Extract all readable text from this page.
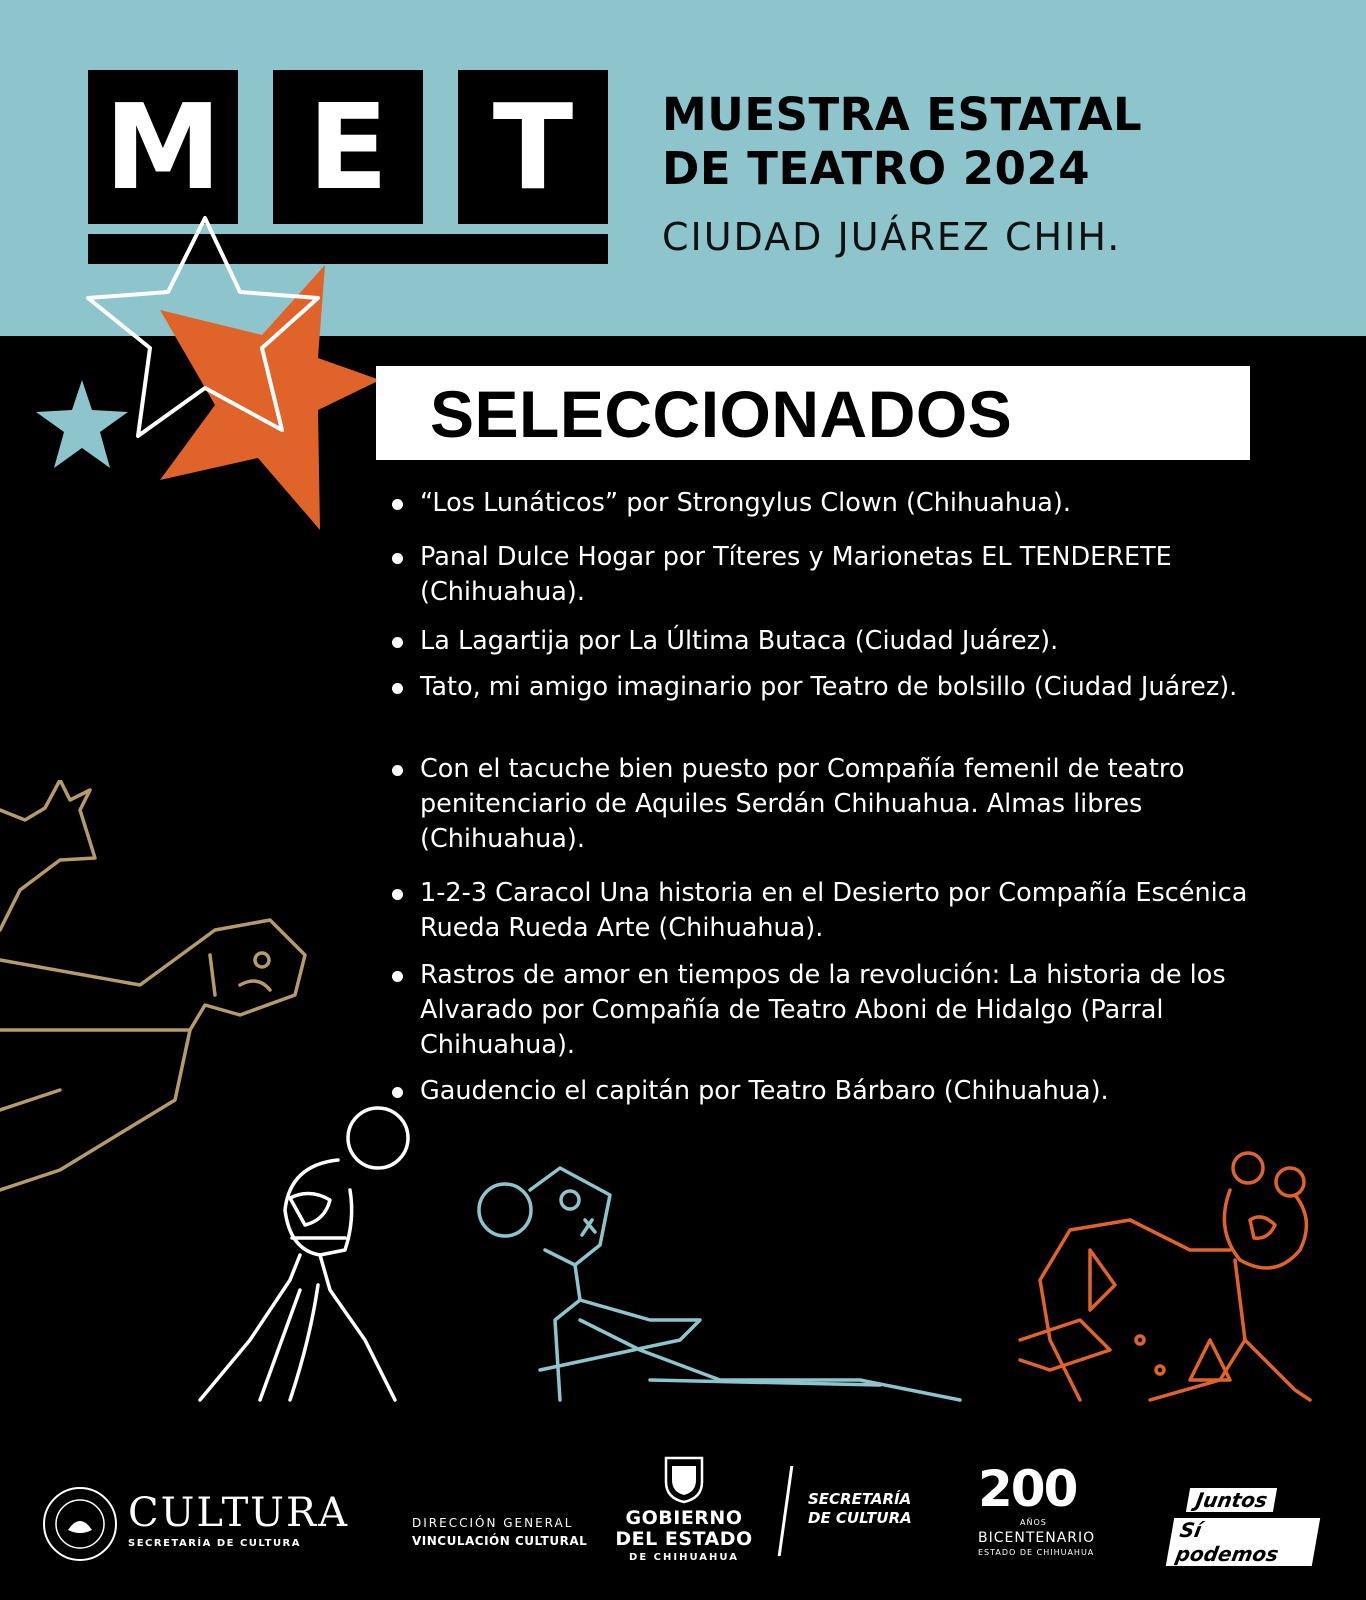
M E T MUESTRA ESTATAL
DE TEATRO 2024
CIUDAD JUÁREZ CHIH.
SELECCIONADOS
“Los Lunáticos” por Strongylus Clown (Chihuahua).
Panal Dulce Hogar por Títeres y Marionetas EL TENDERETE (Chihuahua).
La Lagartija por La Última Butaca (Ciudad Juárez).
Tato, mi amigo imaginario por Teatro de bolsillo (Ciudad Juárez).
Con el tacuche bien puesto por Compañía femenil de teatro penitenciario de Aquiles Serdán Chihuahua. Almas libres (Chihuahua).
1-2-3 Caracol Una historia en el Desierto por Compañía Escénica Rueda Rueda Arte (Chihuahua).
Rastros de amor en tiempos de la revolución: La historia de los Alvarado por Compañía de Teatro Aboni de Hidalgo (Parral Chihuahua).
Gaudencio el capitán por Teatro Bárbaro (Chihuahua).
CULTURA
SECRETARÍA DE CULTURA
DIRECCIÓN GENERAL
VINCULACIÓN CULTURAL
GOBIERNO
DEL ESTADO
DE CHIHUAHUA
SECRETARÍA
DE CULTURA 200
AÑOS
BICENTENARIO
ESTADO DE CHIHUAHUA
Juntos
Sí podemos
